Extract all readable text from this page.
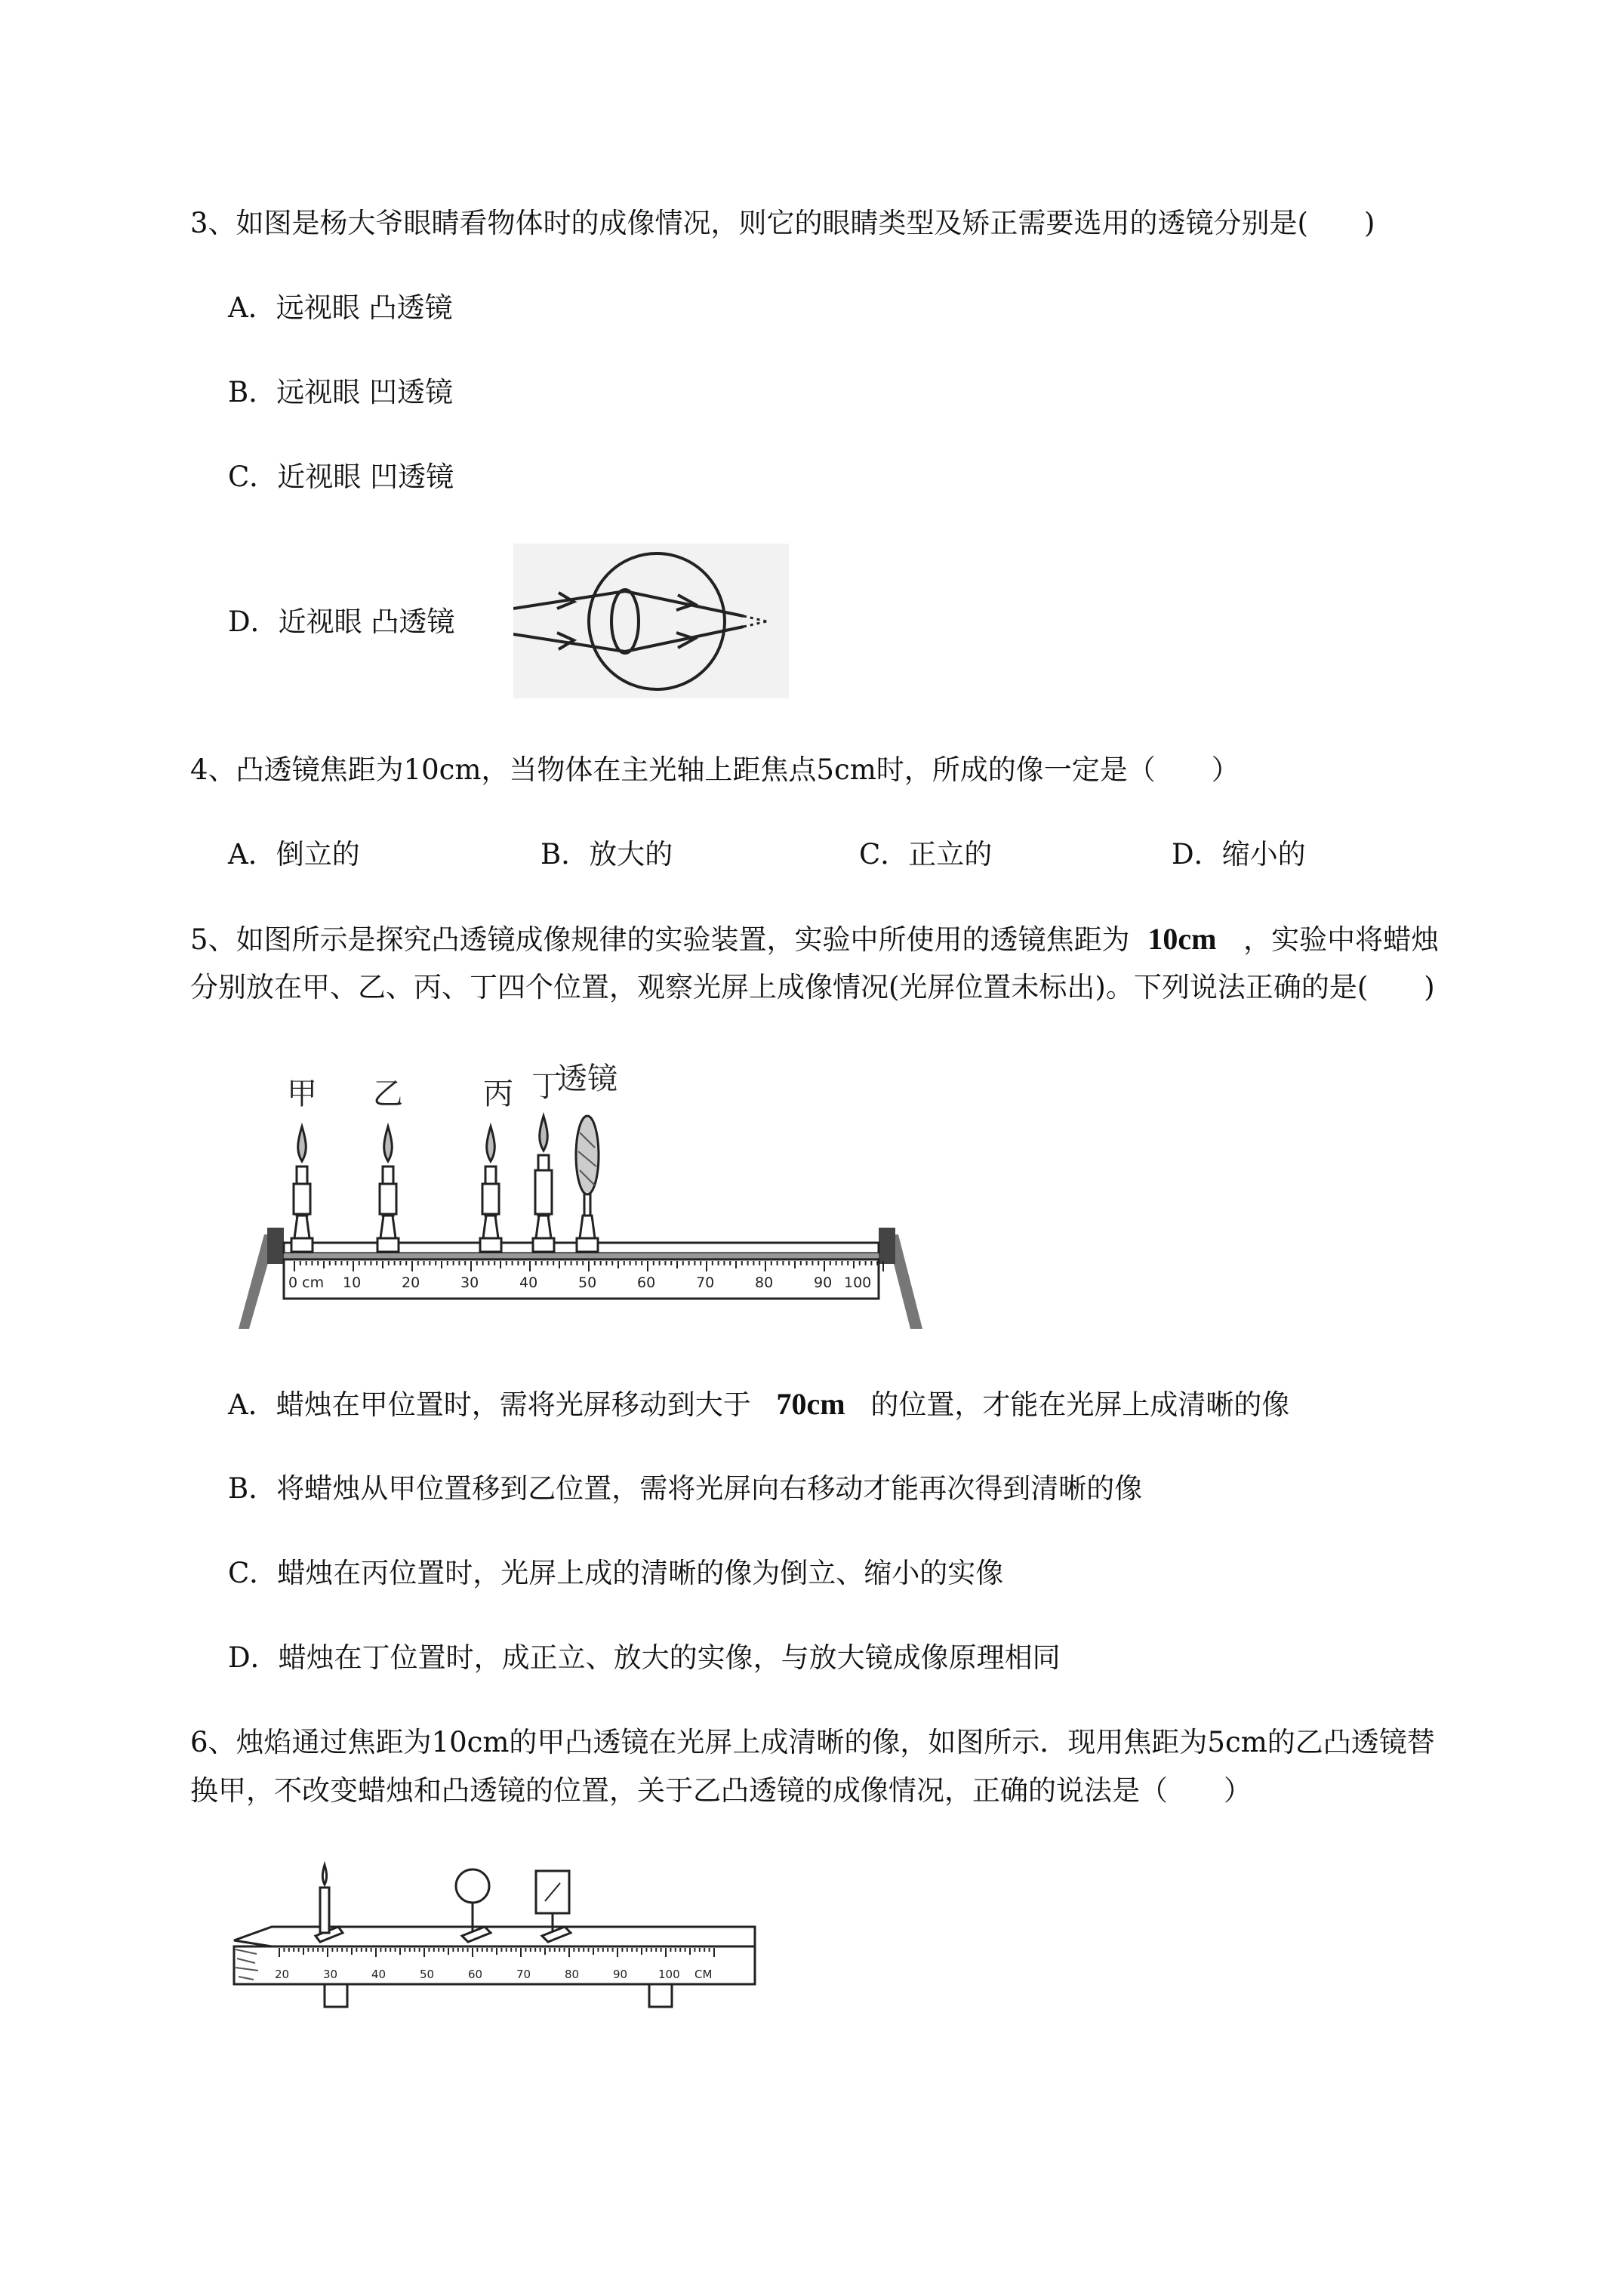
3、如图是杨大爷眼睛看物体时的成像情况，则它的眼睛类型及矫正需要选用的透镜分别是(　　)
A．远视眼 凸透镜
B．远视眼 凹透镜
C．近视眼 凹透镜
D．近视眼 凸透镜
4、凸透镜焦距为10cm，当物体在主光轴上距焦点5cm时，所成的像一定是（　　）
A．倒立的	B．放大的	C．正立的	D．缩小的
5、如图所示是探究凸透镜成像规律的实验装置，实验中所使用的透镜焦距为 10cm ，实验中将蜡烛
分别放在甲、乙、丙、丁四个位置，观察光屏上成像情况(光屏位置未标出)。下列说法正确的是(　　)
0 cm 10	20	30	40	50	60	70	80	90 100
甲 乙	丙 丁
透镜
A．蜡烛在甲位置时，需将光屏移动到大于 70cm 的位置，才能在光屏上成清晰的像
B．将蜡烛从甲位置移到乙位置，需将光屏向右移动才能再次得到清晰的像
C．蜡烛在丙位置时，光屏上成的清晰的像为倒立、缩小的实像
D．蜡烛在丁位置时，成正立、放大的实像，与放大镜成像原理相同
6、烛焰通过焦距为10cm的甲凸透镜在光屏上成清晰的像，如图所示．现用焦距为5cm的乙凸透镜替
换甲，不改变蜡烛和凸透镜的位置，关于乙凸透镜的成像情况，正确的说法是（　　）
20	30	40	50	60	70	80	90	100 CM
